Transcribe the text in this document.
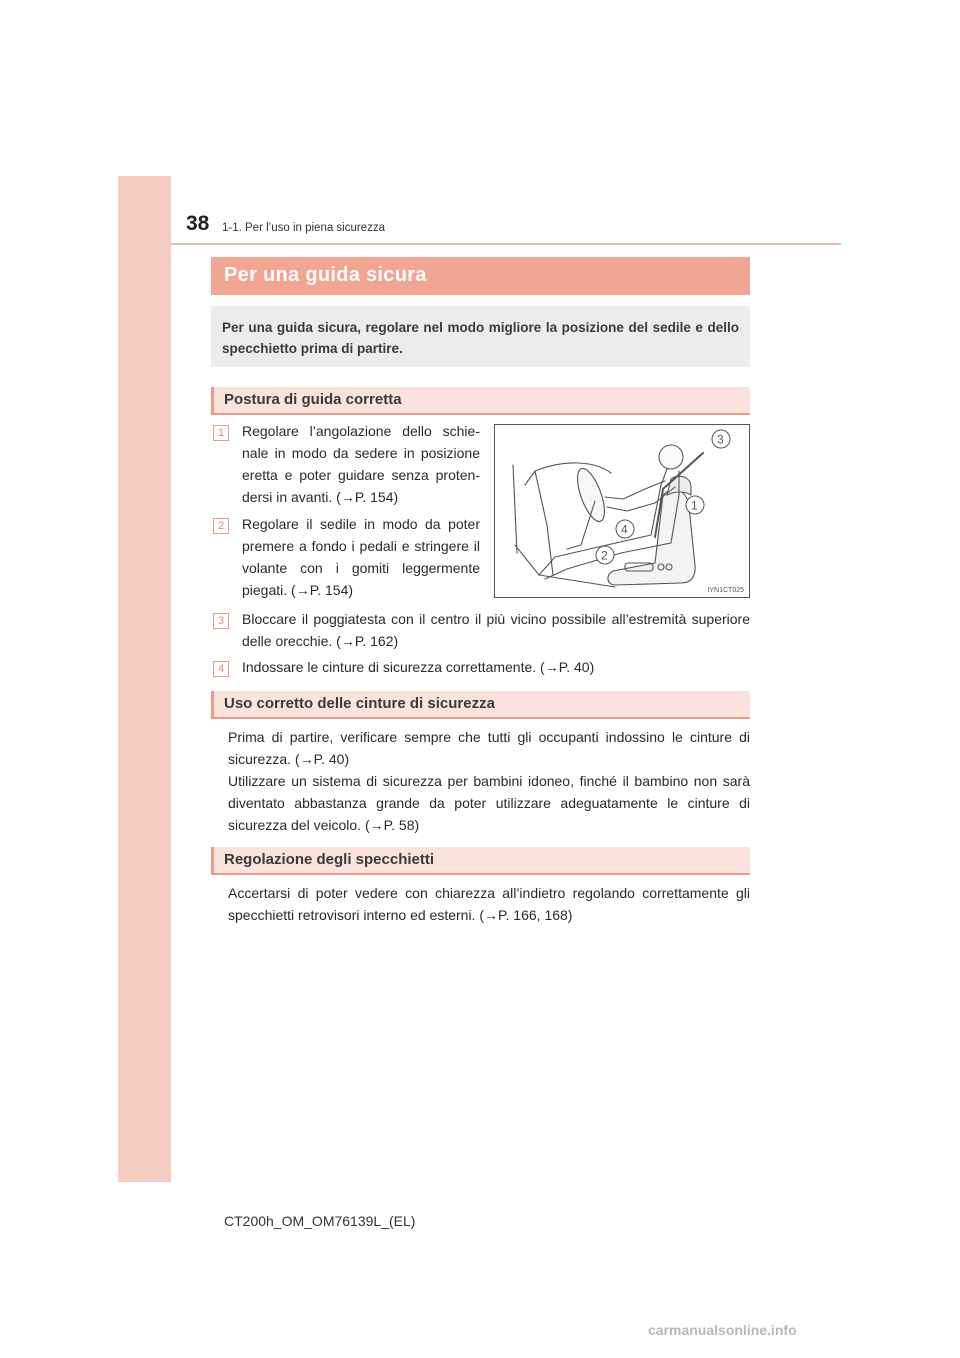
38 1-1. Per l’uso in piena sicurezza
Per una guida sicura

Per una guida sicura, regolare nel modo migliore la posizione del sedile e dello specchietto prima di partire.

Postura di guida corretta
1	Regolare l’angolazione dello schienale in modo da sedere in posizione eretta e poter guidare senza protendersi in avanti. (→P. 154)

2	Regolare il sedile in modo da poter premere a fondo i pedali e stringere il volante con i gomiti leggermente piegati. (→P. 154)

3
1
4
2
IYN1CT025
3	Bloccare il poggiatesta con il centro il più vicino possibile all’estremità superiore delle orecchie. (→P. 162)

4	Indossare le cinture di sicurezza correttamente. (→P. 40)

Uso corretto delle cinture di sicurezza

Prima di partire, verificare sempre che tutti gli occupanti indossino le cinture di sicurezza. (→P. 40)

Utilizzare un sistema di sicurezza per bambini idoneo, finché il bambino non sarà diventato abbastanza grande da poter utilizzare adeguatamente le cinture di sicurezza del veicolo. (→P. 58)

Regolazione degli specchietti

Accertarsi di poter vedere con chiarezza all’indietro regolando correttamente gli specchietti retrovisori interno ed esterni. (→P. 166, 168)

CT200h_OM_OM76139L_(EL)
carmanualsonline.info
